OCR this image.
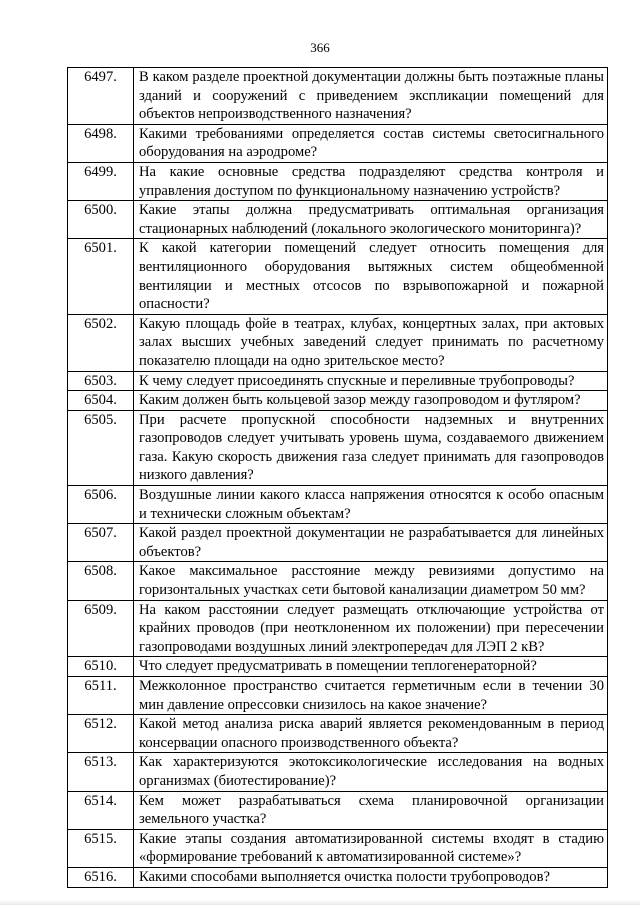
366
6497.	В каком разделе проектной документации должны быть поэтажные планы зданий и сооружений с приведением экспликации помещений для объектов непроизводственного назначения?
6498.	Какими требованиями определяется состав системы светосигнального оборудования на аэродроме?
6499.	На какие основные средства подразделяют средства контроля и управления доступом по функциональному назначению устройств?
6500.	Какие этапы должна предусматривать оптимальная организация стационарных наблюдений (локального экологического мониторинга)?
6501.	К какой категории помещений следует относить помещения для вентиляционного оборудования вытяжных систем общеобменной вентиляции и местных отсосов по взрывопожарной и пожарной опасности?
6502.	Какую площадь фойе в театрах, клубах, концертных залах, при актовых залах высших учебных заведений следует принимать по расчетному показателю площади на одно зрительское место?
6503.	К чему следует присоединять спускные и переливные трубопроводы?
6504.	Каким должен быть кольцевой зазор между газопроводом и футляром?
6505.	При расчете пропускной способности надземных и внутренних газопроводов следует учитывать уровень шума, создаваемого движением газа. Какую скорость движения газа следует принимать для газопроводов низкого давления?
6506.	Воздушные линии какого класса напряжения относятся к особо опасным и технически сложным объектам?
6507.	Какой раздел проектной документации не разрабатывается для линейных объектов?
6508.	Какое максимальное расстояние между ревизиями допустимо на горизонтальных участках сети бытовой канализации диаметром 50 мм?
6509.	На каком расстоянии следует размещать отключающие устройства от крайних проводов (при неотклоненном их положении) при пересечении газопроводами воздушных линий электропередач для ЛЭП 2 кВ?
6510.	Что следует предусматривать в помещении теплогенераторной?
6511.	Межколонное пространство считается герметичным если в течении 30 мин давление опрессовки снизилось на какое значение?
6512.	Какой метод анализа риска аварий является рекомендованным в период консервации опасного производственного объекта?
6513.	Как характеризуются экотоксикологические исследования на водных организмах (биотестирование)?
6514.	Кем может разрабатываться схема планировочной организации земельного участка?
6515.	Какие этапы создания автоматизированной системы входят в стадию «формирование требований к автоматизированной системе»?
6516.	Какими способами выполняется очистка полости трубопроводов?
